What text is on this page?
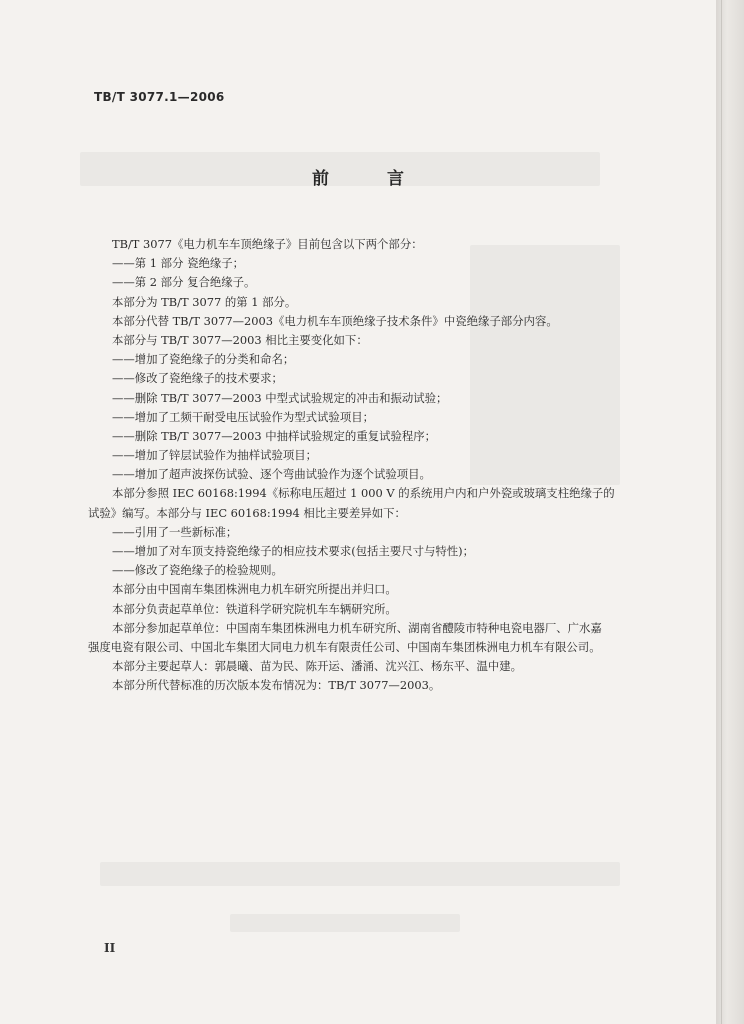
TB/T 3077.1—2006
前 言
TB/T 3077《电力机车车顶绝缘子》目前包含以下两个部分：
——第 1 部分 瓷绝缘子；
——第 2 部分 复合绝缘子。
本部分为 TB/T 3077 的第 1 部分。
本部分代替 TB/T 3077—2003《电力机车车顶绝缘子技术条件》中瓷绝缘子部分内容。
本部分与 TB/T 3077—2003 相比主要变化如下：
——增加了瓷绝缘子的分类和命名；
——修改了瓷绝缘子的技术要求；
——删除 TB/T 3077—2003 中型式试验规定的冲击和振动试验；
——增加了工频干耐受电压试验作为型式试验项目；
——删除 TB/T 3077—2003 中抽样试验规定的重复试验程序；
——增加了锌层试验作为抽样试验项目；
——增加了超声波探伤试验、逐个弯曲试验作为逐个试验项目。
本部分参照 IEC 60168:1994《标称电压超过 1 000 V 的系统用户内和户外瓷或玻璃支柱绝缘子的
试验》编写。本部分与 IEC 60168:1994 相比主要差异如下：
——引用了一些新标准；
——增加了对车顶支持瓷绝缘子的相应技术要求(包括主要尺寸与特性)；
——修改了瓷绝缘子的检验规则。
本部分由中国南车集团株洲电力机车研究所提出并归口。
本部分负责起草单位：铁道科学研究院机车车辆研究所。
本部分参加起草单位：中国南车集团株洲电力机车研究所、湖南省醴陵市特种电瓷电器厂、广水嘉
强度电瓷有限公司、中国北车集团大同电力机车有限责任公司、中国南车集团株洲电力机车有限公司。
本部分主要起草人：郭晨曦、苗为民、陈开运、潘涌、沈兴江、杨东平、温中建。
本部分所代替标准的历次版本发布情况为：TB/T 3077—2003。
II
